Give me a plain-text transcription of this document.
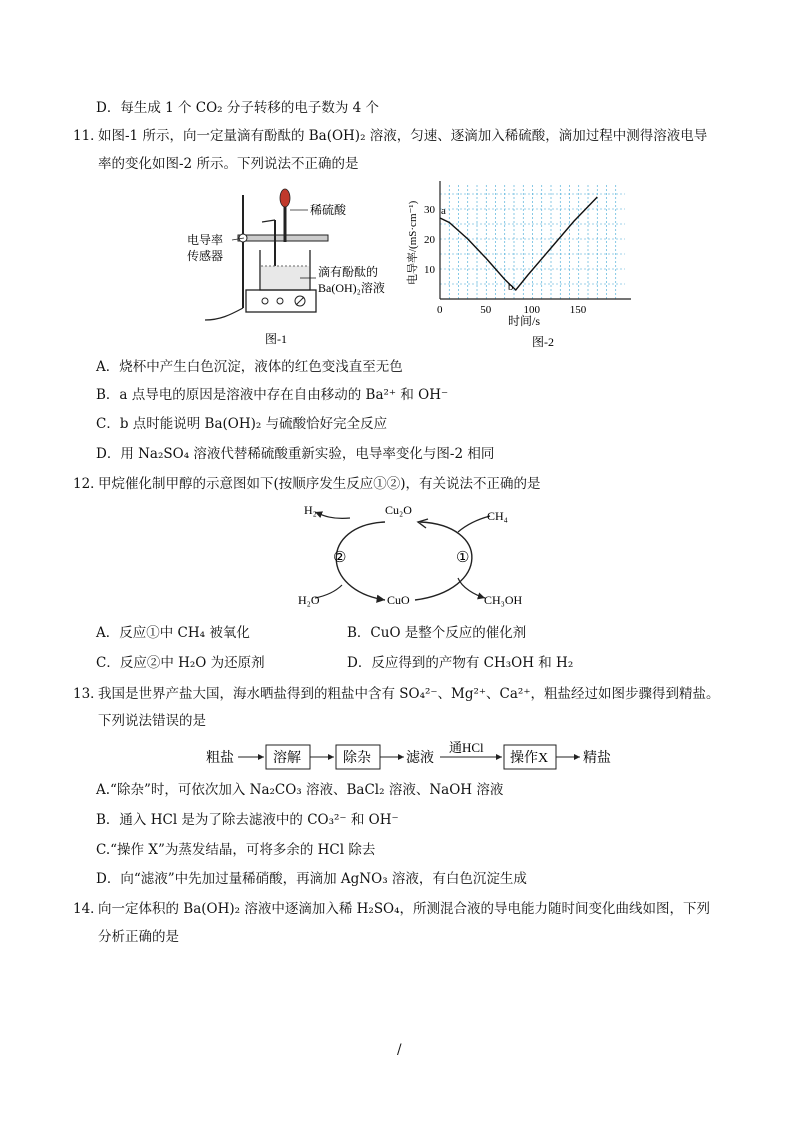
D．每生成 1 个 CO₂ 分子转移的电子数为 4 个
11．
如图-1 所示，向一定量滴有酚酞的 Ba(OH)₂ 溶液，匀速、逐滴加入稀硫酸，滴加过程中测得溶液电导
率的变化如图-2 所示。下列说法不正确的是
稀硫酸
电导率
传感器
滴有酚酞的
Ba(OH)₂溶液
图-1
0	50	100	150
10
20
30 a
b
时间/s
电导率/(mS·cm⁻¹)
图-2
A．烧杯中产生白色沉淀，液体的红色变浅直至无色
B．a 点导电的原因是溶液中存在自由移动的 Ba²⁺ 和 OH⁻
C．b 点时能说明 Ba(OH)₂ 与硫酸恰好完全反应
D．用 Na₂SO₄ 溶液代替稀硫酸重新实验，电导率变化与图-2 相同
12．
甲烷催化制甲醇的示意图如下(按顺序发生反应①②)，有关说法不正确的是
H₂	Cu₂O	CH₄
H₂O	CuO	CH₃OH
②	①
A．反应①中 CH₄ 被氧化	B．CuO 是整个反应的催化剂
C．反应②中 H₂O 为还原剂	D．反应得到的产物有 CH₃OH 和 H₂
13．
我国是世界产盐大国，海水晒盐得到的粗盐中含有 SO₄²⁻、Mg²⁺、Ca²⁺，粗盐经过如图步骤得到精盐。
下列说法错误的是
粗盐	溶解	除杂	滤液
通HCl
操作X 精盐
A.“除杂”时，可依次加入 Na₂CO₃ 溶液、BaCl₂ 溶液、NaOH 溶液
B．通入 HCl 是为了除去滤液中的 CO₃²⁻ 和 OH⁻
C.“操作 X”为蒸发结晶，可将多余的 HCl 除去
D．向“滤液”中先加过量稀硝酸，再滴加 AgNO₃ 溶液，有白色沉淀生成
14．
向一定体积的 Ba(OH)₂ 溶液中逐滴加入稀 H₂SO₄，所测混合液的导电能力随时间变化曲线如图，下列
分析正确的是
/
